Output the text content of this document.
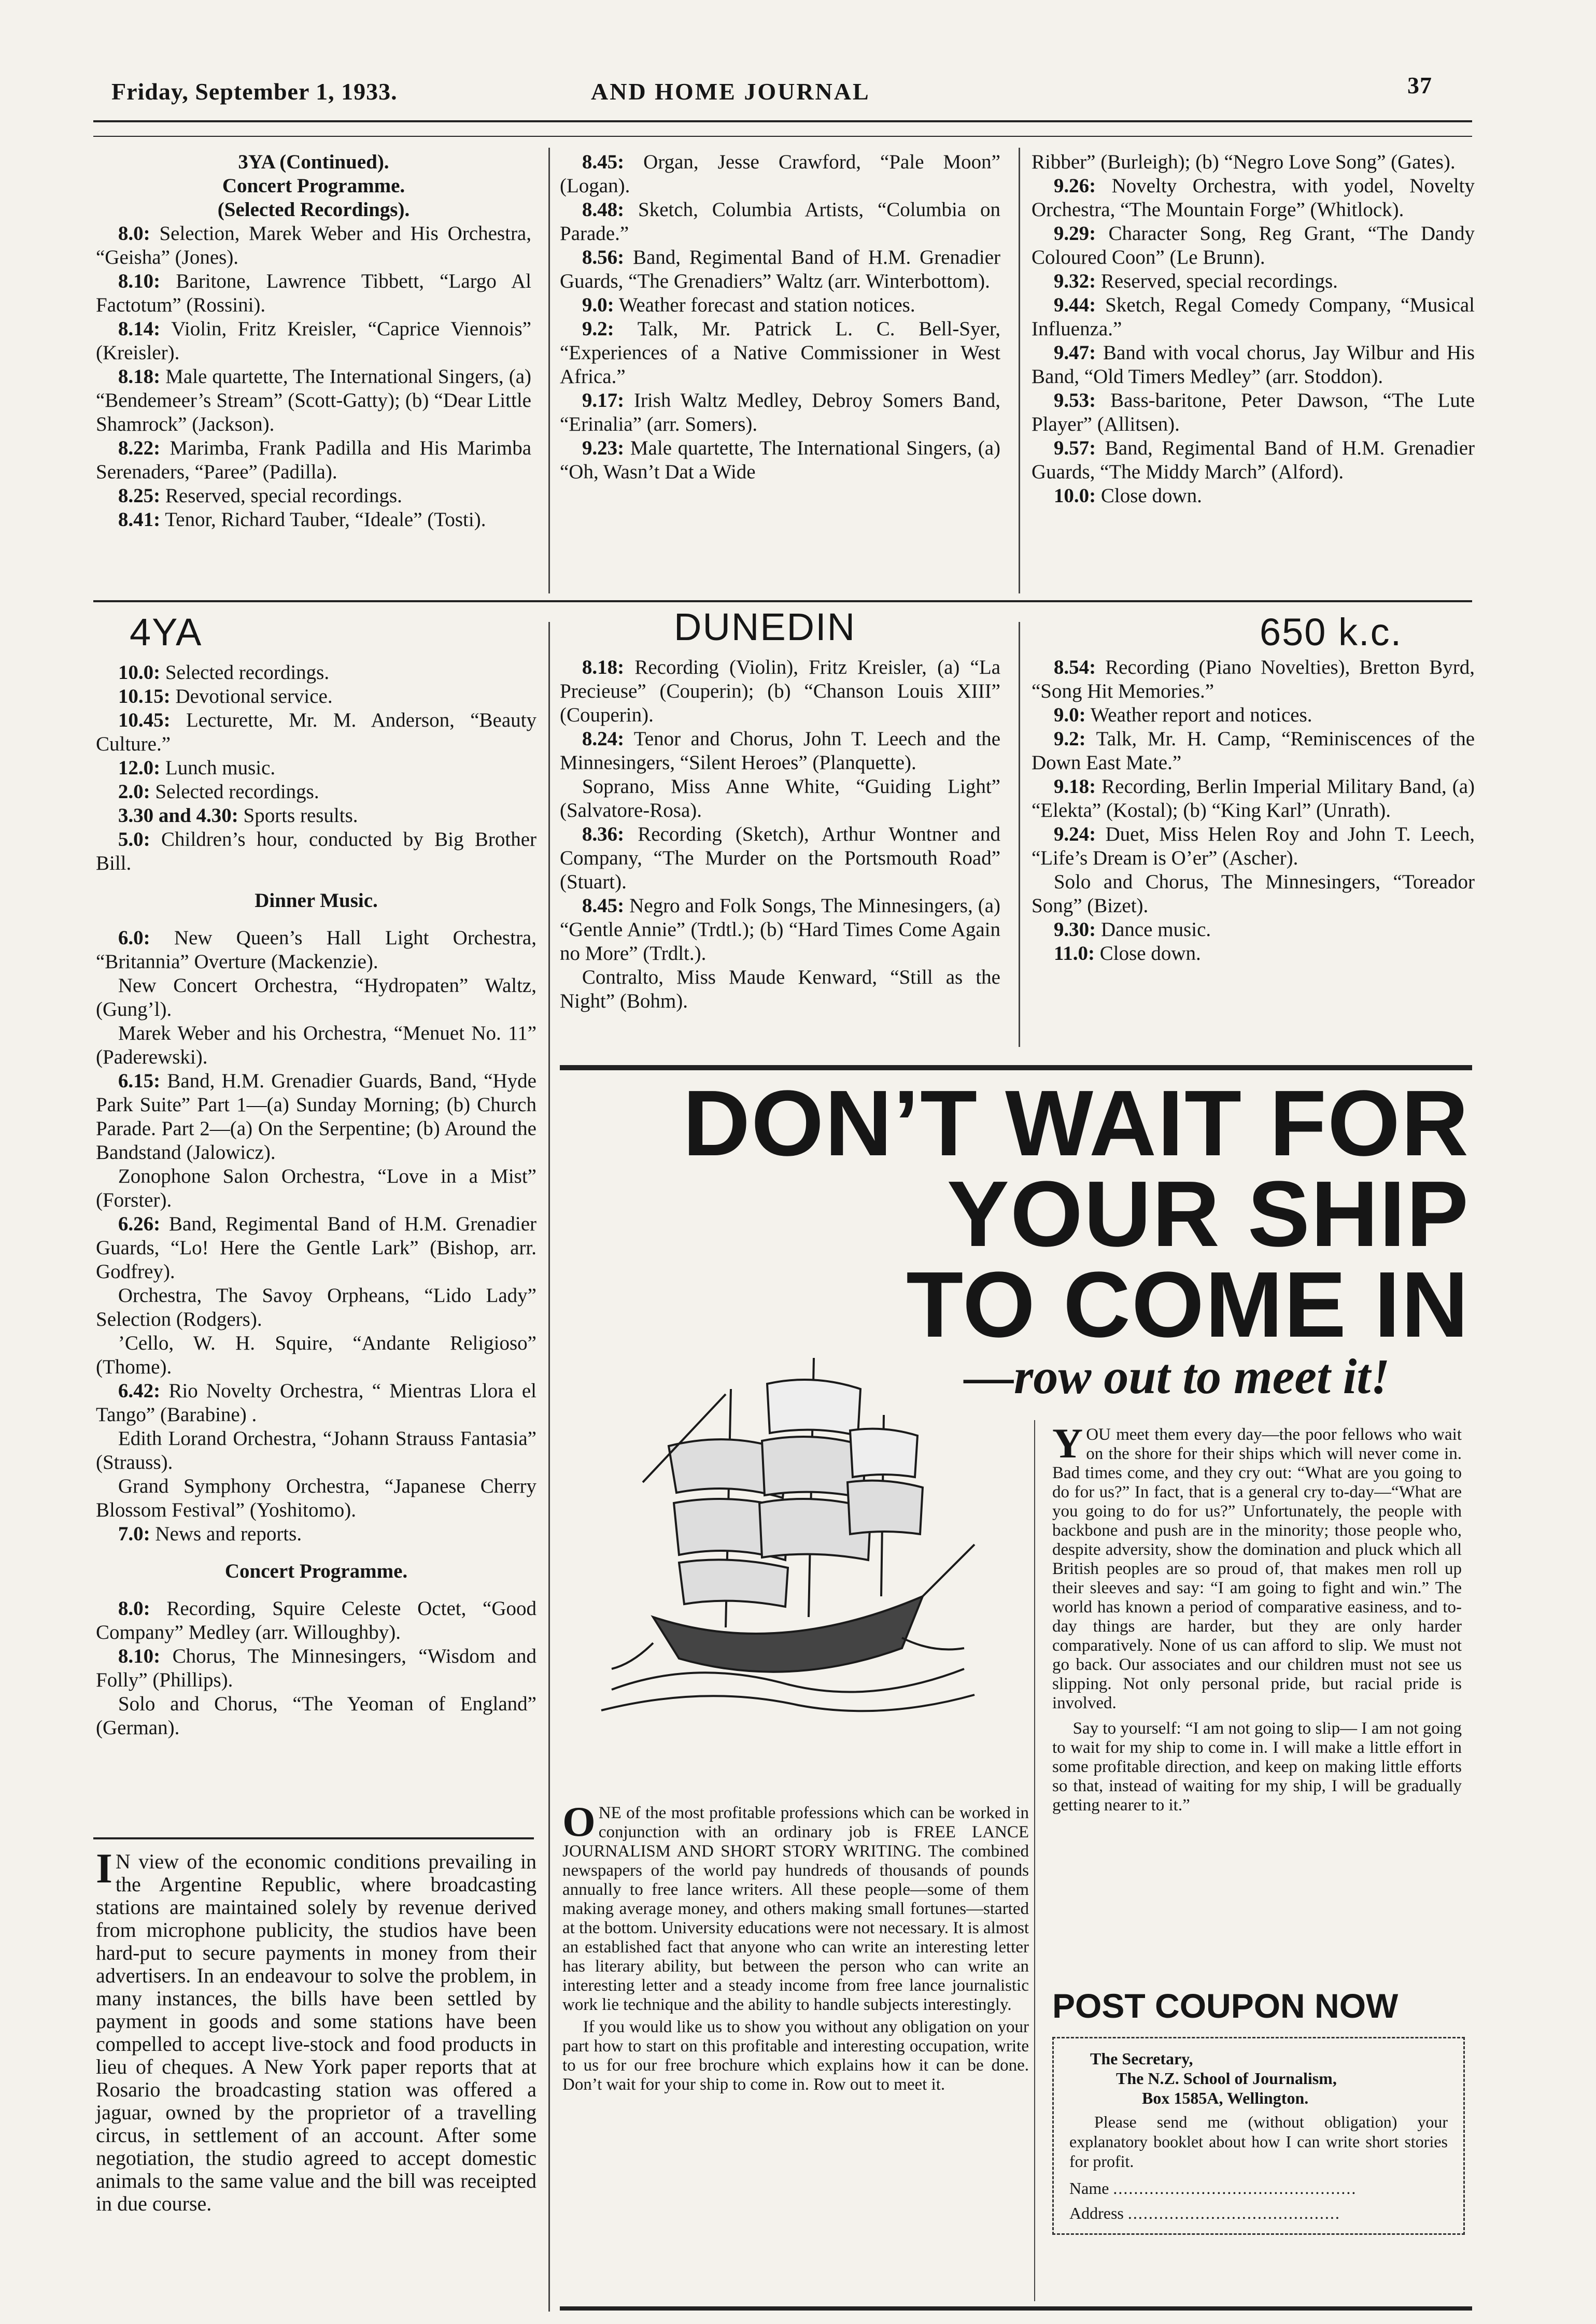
Friday, September 1, 1933.	AND HOME JOURNAL	37

3YA (Continued).

Concert Programme.

(Selected Recordings).

8.0: Selection, Marek Weber and His Orchestra, “Geisha” (Jones).

8.10: Baritone, Lawrence Tibbett, “Largo Al Factotum” (Rossini).

8.14: Violin, Fritz Kreisler, “Caprice Viennois” (Kreisler).

8.18: Male quartette, The International Singers, (a) “Bendemeer’s Stream” (Scott-Gatty); (b) “Dear Little Shamrock” (Jackson).

8.22: Marimba, Frank Padilla and His Marimba Serenaders, “Paree” (Padilla).

8.25: Reserved, special recordings.

8.41: Tenor, Richard Tauber, “Ideale” (Tosti).

8.45: Organ, Jesse Crawford, “Pale Moon” (Logan).

8.48: Sketch, Columbia Artists, “Columbia on Parade.”

8.56: Band, Regimental Band of H.M. Grenadier Guards, “The Grenadiers” Waltz (arr. Winterbottom).

9.0: Weather forecast and station notices.

9.2: Talk, Mr. Patrick L. C. Bell-Syer, “Experiences of a Native Commissioner in West Africa.”

9.17: Irish Waltz Medley, Debroy Somers Band, “Erinalia” (arr. Somers).

9.23: Male quartette, The International Singers, (a) “Oh, Wasn’t Dat a Wide

Ribber” (Burleigh); (b) “Negro Love Song” (Gates).

9.26: Novelty Orchestra, with yodel, Novelty Orchestra, “The Mountain Forge” (Whitlock).

9.29: Character Song, Reg Grant, “The Dandy Coloured Coon” (Le Brunn).

9.32: Reserved, special recordings.

9.44: Sketch, Regal Comedy Company, “Musical Influenza.”

9.47: Band with vocal chorus, Jay Wilbur and His Band, “Old Timers Medley” (arr. Stoddon).

9.53: Bass-baritone, Peter Dawson, “The Lute Player” (Allitsen).

9.57: Band, Regimental Band of H.M. Grenadier Guards, “The Middy March” (Alford).

10.0: Close down.

4YA	DUNEDIN	650 k.c.

10.0: Selected recordings.

10.15: Devotional service.

10.45: Lecturette, Mr. M. Anderson, “Beauty Culture.”

12.0: Lunch music.

2.0: Selected recordings.

3.30 and 4.30: Sports results.

5.0: Children’s hour, conducted by Big Brother Bill.

Dinner Music.

6.0: New Queen’s Hall Light Orchestra, “Britannia” Overture (Mackenzie).

New Concert Orchestra, “Hydropaten” Waltz, (Gung’l).

Marek Weber and his Orchestra, “Menuet No. 11” (Paderewski).

6.15: Band, H.M. Grenadier Guards, Band, “Hyde Park Suite” Part 1—(a) Sunday Morning; (b) Church Parade. Part 2—(a) On the Serpentine; (b) Around the Bandstand (Jalowicz).

Zonophone Salon Orchestra, “Love in a Mist” (Forster).

6.26: Band, Regimental Band of H.M. Grenadier Guards, “Lo! Here the Gentle Lark” (Bishop, arr. Godfrey).

Orchestra, The Savoy Orpheans, “Lido Lady” Selection (Rodgers).

’Cello, W. H. Squire, “Andante Religioso” (Thome).

6.42: Rio Novelty Orchestra, “ Mientras Llora el Tango” (Barabine) .

Edith Lorand Orchestra, “Johann Strauss Fantasia” (Strauss).

Grand Symphony Orchestra, “Japanese Cherry Blossom Festival” (Yoshitomo).

7.0: News and reports.

Concert Programme.

8.0: Recording, Squire Celeste Octet, “Good Company” Medley (arr. Willoughby).

8.10: Chorus, The Minnesingers, “Wisdom and Folly” (Phillips).

Solo and Chorus, “The Yeoman of England” (German).

8.18: Recording (Violin), Fritz Kreisler, (a) “La Precieuse” (Couperin); (b) “Chanson Louis XIII” (Couperin).

8.24: Tenor and Chorus, John T. Leech and the Minnesingers, “Silent Heroes” (Planquette).

Soprano, Miss Anne White, “Guiding Light” (Salvatore-Rosa).

8.36: Recording (Sketch), Arthur Wontner and Company, “The Murder on the Portsmouth Road” (Stuart).

8.45: Negro and Folk Songs, The Minnesingers, (a) “Gentle Annie” (Trdtl.); (b) “Hard Times Come Again no More” (Trdlt.).

Contralto, Miss Maude Kenward, “Still as the Night” (Bohm).

8.54: Recording (Piano Novelties), Bretton Byrd, “Song Hit Memories.”

9.0: Weather report and notices.

9.2: Talk, Mr. H. Camp, “Reminiscences of the Down East Mate.”

9.18: Recording, Berlin Imperial Military Band, (a) “Elekta” (Kostal); (b) “King Karl” (Unrath).

9.24: Duet, Miss Helen Roy and John T. Leech, “Life’s Dream is O’er” (Ascher).

Solo and Chorus, The Minnesingers, “Toreador Song” (Bizet).

9.30: Dance music.

11.0: Close down.

I N view of the economic conditions prevailing in the Argentine Republic, where broadcasting stations are maintained solely by revenue derived from microphone publicity, the studios have been hard-put to secure payments in money from their advertisers. In an endeavour to solve the problem, in many instances, the bills have been settled by payment in goods and some stations have been compelled to accept live-stock and food products in lieu of cheques. A New York paper reports that at Rosario the broadcasting station was offered a jaguar, owned by the proprietor of a travelling circus, in settlement of an account. After some negotiation, the studio agreed to accept domestic animals to the same value and the bill was receipted in due course.

DON’T WAIT FOR
YOUR SHIP
TO COME IN
—row out to meet it!

YOU meet them every day—the poor fellows who wait on the shore for their ships which will never come in. Bad times come, and they cry out: “What are you going to do for us?” In fact, that is a general cry to-day—“What are you going to do for us?” Unfortunately, the people with backbone and push are in the minority; those people who, despite adversity, show the domination and pluck which all British peoples are so proud of, that makes men roll up their sleeves and say: “I am going to fight and win.” The world has known a period of comparative easiness, and to-day things are harder, but they are only harder comparatively. None of us can afford to slip. We must not go back. Our associates and our children must not see us slipping. Not only personal pride, but racial pride is involved.

Say to yourself: “I am not going to slip— I am not going to wait for my ship to come in. I will make a little effort in some profitable direction, and keep on making little efforts so that, instead of waiting for my ship, I will be gradually getting nearer to it.”

ONE of the most profitable professions which can be worked in conjunction with an ordinary job is FREE LANCE JOURNALISM AND SHORT STORY WRITING. The combined newspapers of the world pay hundreds of thousands of pounds annually to free lance writers. All these people—some of them making average money, and others making small fortunes—started at the bottom. University educations were not necessary. It is almost an established fact that anyone who can write an interesting letter has literary ability, but between the person who can write an interesting letter and a steady income from free lance journalistic work lie technique and the ability to handle subjects interestingly.

If you would like us to show you without any obligation on your part how to start on this profitable and interesting occupation, write to us for our free brochure which explains how it can be done. Don’t wait for your ship to come in. Row out to meet it.

POST COUPON NOW

The Secretary,

The N.Z. School of Journalism,

Box 1585A, Wellington.

Please send me (without obligation) your explanatory booklet about how I can write short stories for profit.

Name ...............................................

Address .........................................
